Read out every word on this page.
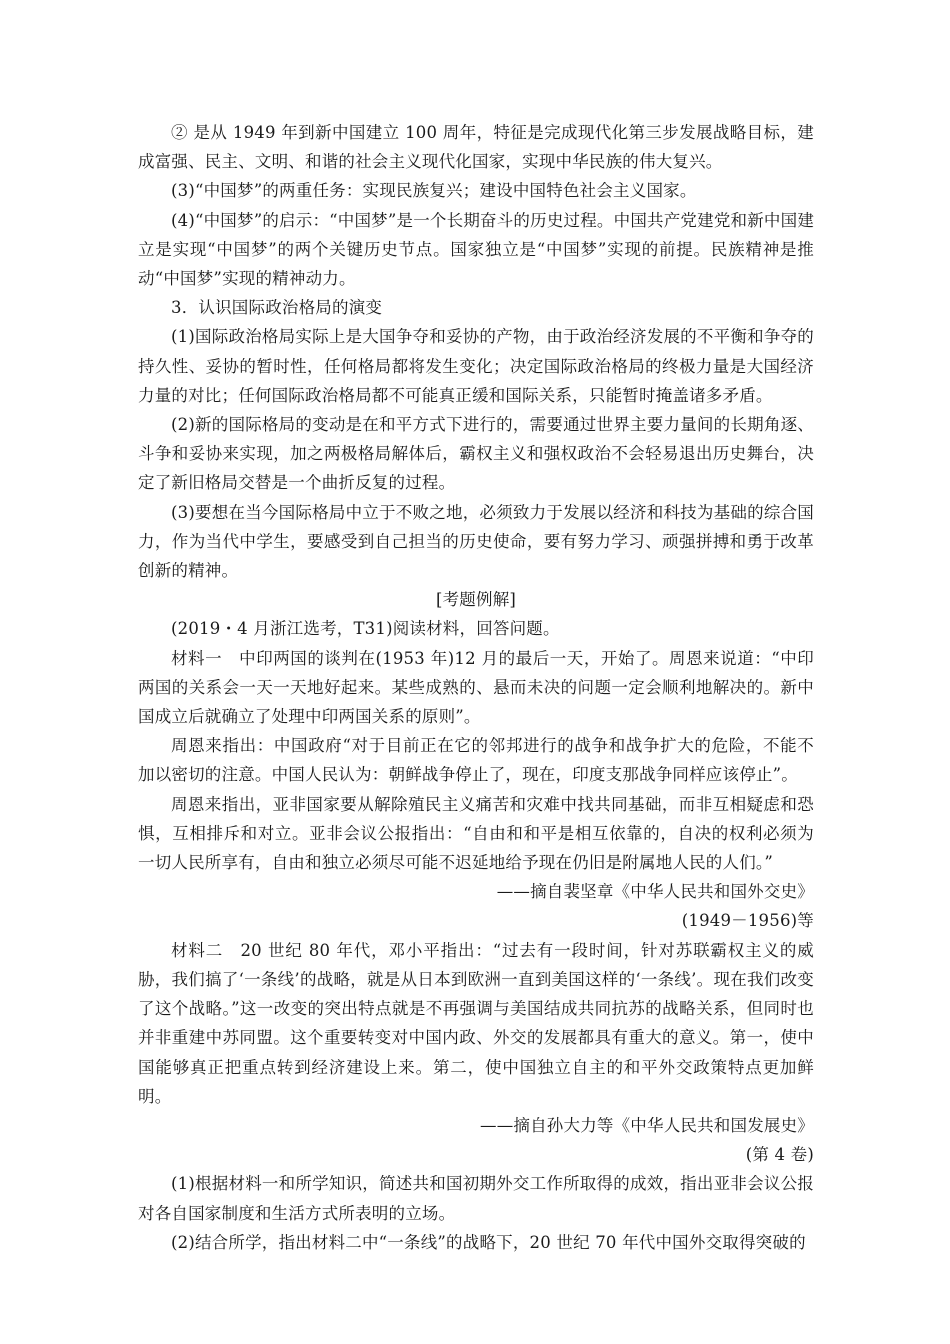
② 是从 1949 年到新中国建立 100 周年，特征是完成现代化第三步发展战略目标，建成富强、民主、文明、和谐的社会主义现代化国家，实现中华民族的伟大复兴。

(3)“中国梦”的两重任务：实现民族复兴；建设中国特色社会主义国家。

(4)“中国梦”的启示：“中国梦”是一个长期奋斗的历史过程。中国共产党建党和新中国建立是实现“中国梦”的两个关键历史节点。国家独立是“中国梦”实现的前提。民族精神是推动“中国梦”实现的精神动力。

3．认识国际政治格局的演变

(1)国际政治格局实际上是大国争夺和妥协的产物，由于政治经济发展的不平衡和争夺的持久性、妥协的暂时性，任何格局都将发生变化；决定国际政治格局的终极力量是大国经济力量的对比；任何国际政治格局都不可能真正缓和国际关系，只能暂时掩盖诸多矛盾。

(2)新的国际格局的变动是在和平方式下进行的，需要通过世界主要力量间的长期角逐、斗争和妥协来实现，加之两极格局解体后，霸权主义和强权政治不会轻易退出历史舞台，决定了新旧格局交替是一个曲折反复的过程。

(3)要想在当今国际格局中立于不败之地，必须致力于发展以经济和科技为基础的综合国力，作为当代中学生，要感受到自己担当的历史使命，要有努力学习、顽强拼搏和勇于改革创新的精神。

[考题例解]

(2019・4 月浙江选考，T31)阅读材料，回答问题。

材料一　中印两国的谈判在(1953 年)12 月的最后一天，开始了。周恩来说道：“中印两国的关系会一天一天地好起来。某些成熟的、悬而未决的问题一定会顺利地解决的。新中国成立后就确立了处理中印两国关系的原则”。

周恩来指出：中国政府“对于目前正在它的邻邦进行的战争和战争扩大的危险，不能不加以密切的注意。中国人民认为：朝鲜战争停止了，现在，印度支那战争同样应该停止”。

周恩来指出，亚非国家要从解除殖民主义痛苦和灾难中找共同基础，而非互相疑虑和恐惧，互相排斥和对立。亚非会议公报指出：“自由和和平是相互依靠的，自决的权利必须为一切人民所享有，自由和独立必须尽可能不迟延地给予现在仍旧是附属地人民的人们。”

——摘自裴坚章《中华人民共和国外交史》

(1949－1956)等

材料二　20 世纪 80 年代，邓小平指出：“过去有一段时间，针对苏联霸权主义的威胁，我们搞了‘一条线’的战略，就是从日本到欧洲一直到美国这样的‘一条线’。现在我们改变了这个战略。”这一改变的突出特点就是不再强调与美国结成共同抗苏的战略关系，但同时也并非重建中苏同盟。这个重要转变对中国内政、外交的发展都具有重大的意义。第一，使中国能够真正把重点转到经济建设上来。第二，使中国独立自主的和平外交政策特点更加鲜明。

——摘自孙大力等《中华人民共和国发展史》

(第 4 卷)

(1)根据材料一和所学知识，简述共和国初期外交工作所取得的成效，指出亚非会议公报对各自国家制度和生活方式所表明的立场。

(2)结合所学，指出材料二中“一条线”的战略下，20 世纪 70 年代中国外交取得突破的
